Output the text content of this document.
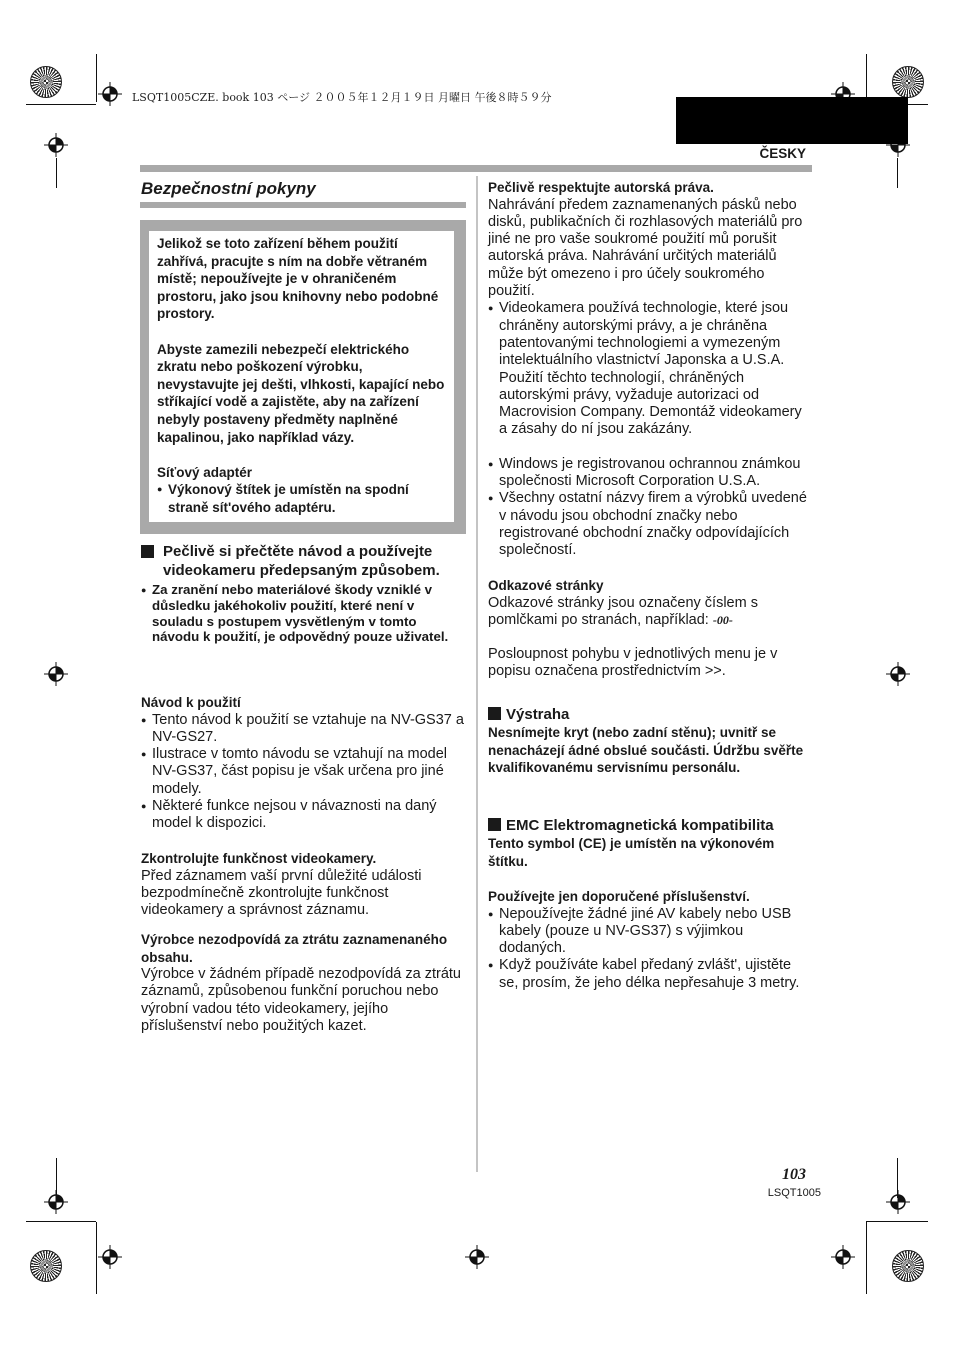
LSQT1005CZE. book 103 ページ ２００５年１２月１９日 月曜日 午後８時５９分
ČESKY
Bezpečnostní pokyny
Jelikož se toto zařízení během použití zahřívá, pracujte s ním na dobře větraném místě; nepoužívejte je v ohraničeném prostoru, jako jsou knihovny nebo podobné prostory.
Abyste zamezili nebezpečí elektrického zkratu nebo poškození výrobku, nevystavujte jej dešti, vlhkosti, kapající nebo stříkající vodě a zajistěte, aby na zařízení nebyly postaveny předměty naplněné kapalinou, jako například vázy.
Síťový adaptér
● Výkonový štítek je umístěn na spodní straně sít'ového adaptéru.
Pečlivě si přečtěte návod a používejte videokameru předepsaným způsobem.
● Za zranění nebo materiálové škody vzniklé v důsledku jakéhokoliv použití, které není v souladu s postupem vysvětleným v tomto návodu k použití, je odpovědný pouze uživatel.
Návod k použití
● Tento návod k použití se vztahuje na NV-GS37 a NV-GS27.
● Ilustrace v tomto návodu se vztahují na model NV-GS37, část popisu je však určena pro jiné modely.
● Některé funkce nejsou v návaznosti na daný model k dispozici.
Zkontrolujte funkčnost videokamery.
Před záznamem vaší první důležité události bezpodmínečně zkontrolujte funkčnost videokamery a správnost záznamu.
Výrobce nezodpovídá za ztrátu zaznamenaného obsahu.
Výrobce v žádném případě nezodpovídá za ztrátu záznamů, způsobenou funkční poruchou nebo výrobní vadou této videokamery, jejího příslušenství nebo použitých kazet.
Pečlivě respektujte autorská práva.
Nahrávání předem zaznamenaných pásků nebo disků, publikačních či rozhlasových materiálů pro jiné ne pro vaše soukromé použití mů porušit autorská práva. Nahrávání určitých materiálů může být omezeno i pro účely soukromého použití.
● Videokamera používá technologie, které jsou chráněny autorskými právy, a je chráněna patentovanými technologiemi a vymezeným intelektuálního vlastnictví Japonska a U.S.A. Použití těchto technologií, chráněných autorskými právy, vyžaduje autorizaci od Macrovision Company. Demontáž videokamery a zásahy do ní jsou zakázány.
● Windows je registrovanou ochrannou známkou společnosti Microsoft Corporation U.S.A.
● Všechny ostatní názvy firem a výrobků uvedené v návodu jsou obchodní značky nebo registrované obchodní značky odpovídajících společností.
Odkazové stránky
Odkazové stránky jsou označeny číslem s pomlčkami po stranách, například: -00-
Posloupnost pohybu v jednotlivých menu je v popisu označena prostřednictvím >>.
Výstraha
Nesnímejte kryt (nebo zadní stěnu); uvnitř se nenacházejí ádné obslué součásti. Údržbu svěřte kvalifikovanému servisnímu personálu.
EMC Elektromagnetická kompatibilita
Tento symbol (CE) je umístěn na výkonovém štítku.
Používejte jen doporučené příslušenství.
● Nepoužívejte žádné jiné AV kabely nebo USB kabely (pouze u NV-GS37) s výjimkou dodaných.
● Když používáte kabel předaný zvlášt', ujistěte se, prosím, že jeho délka nepřesahuje 3 metry.
103
LSQT1005
